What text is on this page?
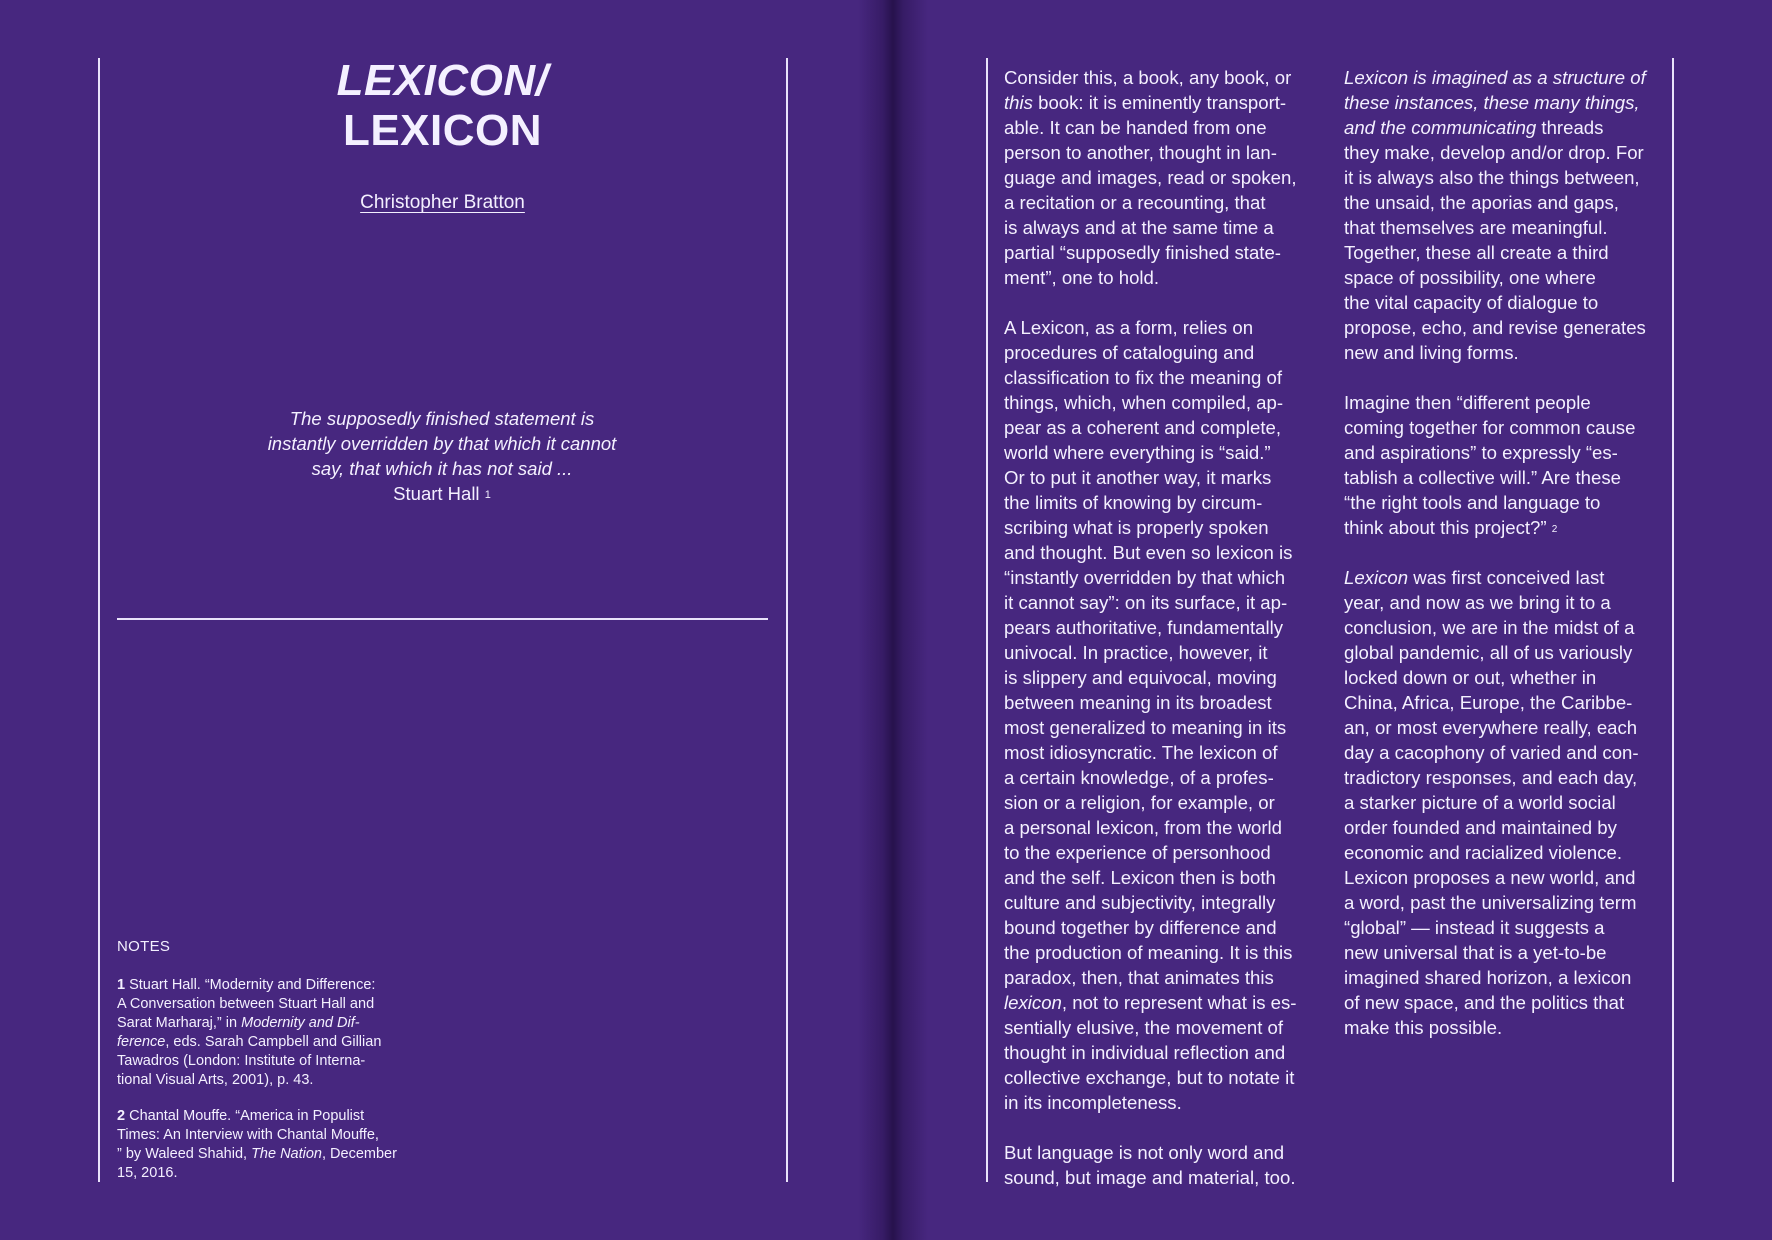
LEXICON/
LEXICON
Christopher Bratton
The supposedly finished statement is
instantly overridden by that which it cannot
say, that which it has not said ...
Stuart Hall $^1$
NOTES
1 Stuart Hall. “Modernity and Difference:
A Conversation between Stuart Hall and
Sarat Marharaj,” in Modernity and Dif-
ference, eds. Sarah Campbell and Gillian
Tawadros (London: Institute of Interna-
tional Visual Arts, 2001), p. 43.
2 Chantal Mouffe. “America in Populist
Times: An Interview with Chantal Mouffe,
” by Waleed Shahid, The Nation, December
15, 2016.

Consider this, a book, any book, or
this book: it is eminently transport-
able. It can be handed from one
person to another, thought in lan-
guage and images, read or spoken,
a recitation or a recounting, that
is always and at the same time a
partial “supposedly finished state-
ment”, one to hold.

A Lexicon, as a form, relies on
procedures of cataloguing and
classification to fix the meaning of
things, which, when compiled, ap-
pear as a coherent and complete,
world where everything is “said.”
Or to put it another way, it marks
the limits of knowing by circum-
scribing what is properly spoken
and thought. But even so lexicon is
“instantly overridden by that which
it cannot say”: on its surface, it ap-
pears authoritative, fundamentally
univocal. In practice, however, it
is slippery and equivocal, moving
between meaning in its broadest
most generalized to meaning in its
most idiosyncratic. The lexicon of
a certain knowledge, of a profes-
sion or a religion, for example, or
a personal lexicon, from the world
to the experience of personhood
and the self. Lexicon then is both
culture and subjectivity, integrally
bound together by difference and
the production of meaning. It is this
paradox, then, that animates this
lexicon, not to represent what is es-
sentially elusive, the movement of
thought in individual reflection and
collective exchange, but to notate it
in its incompleteness.

But language is not only word and
sound, but image and material, too.

Lexicon is imagined as a structure of
these instances, these many things,
and the communicating threads
they make, develop and/or drop. For
it is always also the things between,
the unsaid, the aporias and gaps,
that themselves are meaningful.
Together, these all create a third
space of possibility, one where
the vital capacity of dialogue to
propose, echo, and revise generates
new and living forms.

Imagine then “different people
coming together for common cause
and aspirations” to expressly “es-
tablish a collective will.” Are these
“the right tools and language to
think about this project?” $^2$

Lexicon was first conceived last
year, and now as we bring it to a
conclusion, we are in the midst of a
global pandemic, all of us variously
locked down or out, whether in
China, Africa, Europe, the Caribbe-
an, or most everywhere really, each
day a cacophony of varied and con-
tradictory responses, and each day,
a starker picture of a world social
order founded and maintained by
economic and racialized violence.
Lexicon proposes a new world, and
a word, past the universalizing term
“global” — instead it suggests a
new universal that is a yet-to-be
imagined shared horizon, a lexicon
of new space, and the politics that
make this possible.
